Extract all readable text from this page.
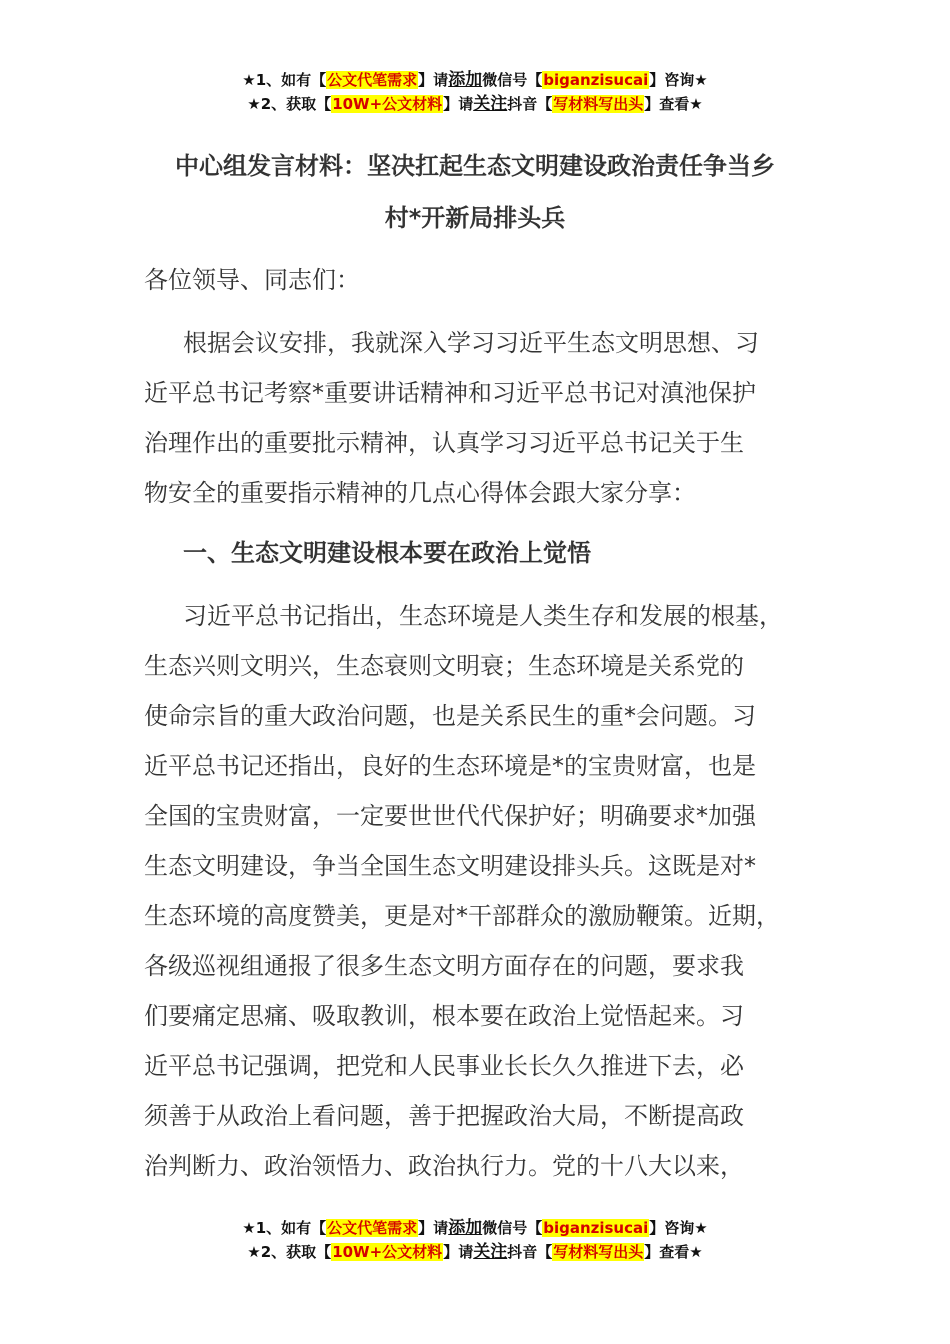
★1、如有【公文代笔需求】请添加微信号【biganzisucai】咨询★
★2、获取【10W+公文材料】请关注抖音【写材料写出头】查看★
中心组发言材料：坚决扛起生态文明建设政治责任争当乡
村*开新局排头兵
各位领导、同志们：
根据会议安排，我就深入学习习近平生态文明思想、习
近平总书记考察*重要讲话精神和习近平总书记对滇池保护
治理作出的重要批示精神，认真学习习近平总书记关于生
物安全的重要指示精神的几点心得体会跟大家分享：
一、生态文明建设根本要在政治上觉悟
习近平总书记指出，生态环境是人类生存和发展的根基，
生态兴则文明兴，生态衰则文明衰；生态环境是关系党的
使命宗旨的重大政治问题，也是关系民生的重*会问题。习
近平总书记还指出，良好的生态环境是*的宝贵财富，也是
全国的宝贵财富，一定要世世代代保护好；明确要求*加强
生态文明建设，争当全国生态文明建设排头兵。这既是对*
生态环境的高度赞美，更是对*干部群众的激励鞭策。近期，
各级巡视组通报了很多生态文明方面存在的问题，要求我
们要痛定思痛、吸取教训，根本要在政治上觉悟起来。习
近平总书记强调，把党和人民事业长长久久推进下去，必
须善于从政治上看问题，善于把握政治大局，不断提高政
治判断力、政治领悟力、政治执行力。党的十八大以来，
★1、如有【公文代笔需求】请添加微信号【biganzisucai】咨询★
★2、获取【10W+公文材料】请关注抖音【写材料写出头】查看★
